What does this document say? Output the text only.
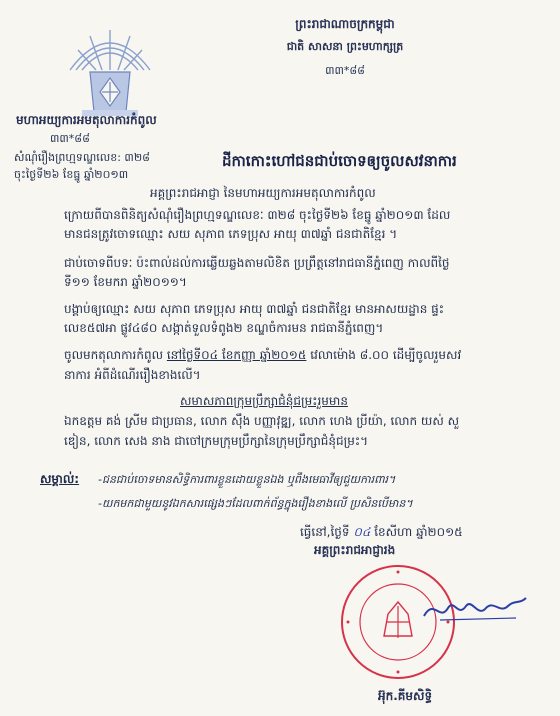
ព្រះរាជាណាចក្រកម្ពុជា
ជាតិ សាសនា ព្រះមហាក្សត្រ
៣៣*៨៨
មហាអយ្យការអមតុលាការកំពូល
៣៣*៨៨
សំណុំរឿងព្រហ្មទណ្ឌលេខ: ៣២៨
ចុះថ្ងៃទី២៦ ខែធ្នូ ឆ្នាំ២០១៣
ដីកាកោះហៅជនជាប់ចោទឲ្យចូលសវនាការ
អគ្គព្រះរាជអាជ្ញា នៃមហាអយ្យការអមតុលាការកំពូល
ក្រោយពីបានពិនិត្យសំណុំរឿងព្រហ្មទណ្ឌលេខៈ ៣២៨ ចុះថ្ងៃទី២៦ ខែធ្នូ ឆ្នាំ២០១៣ ដែល
មានជនត្រូវចោទឈ្មោះ សយ សុភាព ភេទប្រុស អាយុ ៣៧ឆ្នាំ ជនជាតិខ្មែរ ។
ជាប់ចោទពីបទៈ ប៉ះពាល់ដល់ការឆ្លើយឆ្លងតាមលិខិត ប្រព្រឹត្តនៅរាជធានីភ្នំពេញ កាលពីថ្ងៃ
ទី១១ ខែមករា ឆ្នាំ២០១១។
បង្គាប់ឲ្យឈ្មោះ សយ សុភាព ភេទប្រុស អាយុ ៣៧ឆ្នាំ ជនជាតិខ្មែរ មានអាសយដ្ឋាន ផ្ទះ
លេខ៥៧អា ផ្លូវ៤៨០ សង្កាត់ទួលទំពូង២ ខណ្ឌចំការមន រាជធានីភ្នំពេញ។
ចូលមកតុលាការកំពូល នៅថ្ងៃទី០៤ ខែកញ្ញា ឆ្នាំ២០១៥ វេលាម៉ោង ៨.០០ ដើម្បីចូលរួមសវ
នាការ អំពីដំណើររឿងខាងលើ។
សមាសភាពក្រុមប្រឹក្សាជំនុំជម្រះរួមមាន
ឯកឧត្តម គង់ ស្រីម ជាប្រធាន, លោក ស៊ឹង បញ្ញាវុឌ្ឍ, លោក ហេង ប្រីយ៉ា, លោក យស់ សួ
ឌៀន, លោក សេង នាង ជាចៅក្រមក្រុមប្រឹក្សានៃក្រុមប្រឹក្សាជំនុំជម្រះ។
សម្គាល់: -ជនជាប់ចោទមានសិទ្ធិការពារខ្លួនដោយខ្លួនឯង ឬពឹងមេធាវីឲ្យជួយការពារ។
-យកមកជាមួយនូវឯកសារផ្សេងៗដែលពាក់ព័ន្ធក្នុងរឿងខាងលើ ប្រសិនបើមាន។
ធ្វើនៅ,ថ្ងៃទី ០៤ ខែសីហា ឆ្នាំ២០១៥
អគ្គព្រះរាជអាជ្ញារង
អ៊ុក.គីមសិទ្ធិ
